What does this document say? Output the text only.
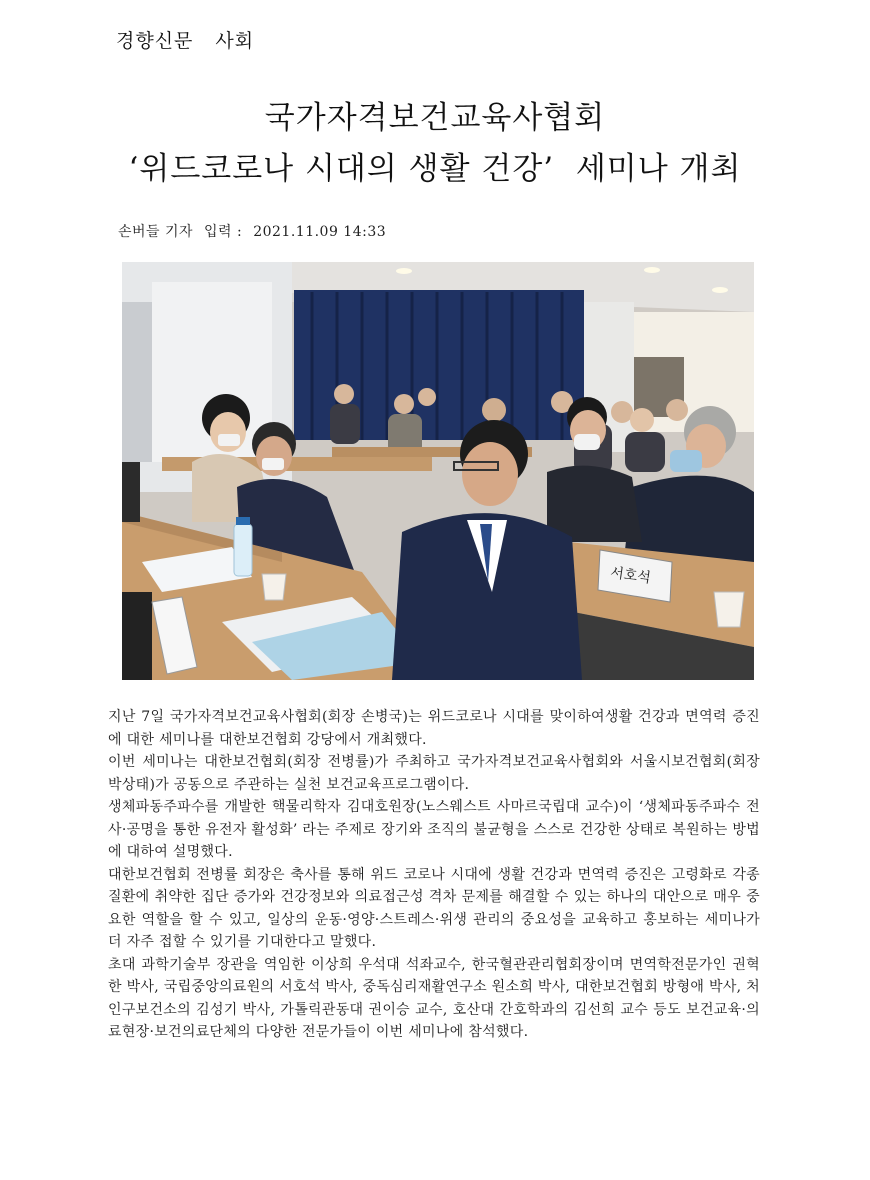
경향신문 사회
국가자격보건교육사협회
‘위드코로나 시대의 생활 건강’  세미나 개최
손버들 기자 입력 : 2021.11.09 14:33
서호석

지난 7일 국가자격보건교육사협회(회장 손병국)는 위드코로나 시대를 맞이하여생활 건강과 면역력 증진에 대한 세미나를 대한보건협회 강당에서 개최했다.

이번 세미나는 대한보건협회(회장 전병률)가 주최하고 국가자격보건교육사협회와 서울시보건협회(회장 박상태)가 공동으로 주관하는 실천 보건교육프로그램이다.

생체파동주파수를 개발한 핵물리학자 김대호원장(노스웨스트 사마르국립대 교수)이 ‘생체파동주파수 전사·공명을 통한 유전자 활성화’ 라는 주제로 장기와 조직의 불균형을 스스로 건강한 상태로 복원하는 방법에 대하여 설명했다.

대한보건협회 전병률 회장은 축사를 통해 위드 코로나 시대에 생활 건강과 면역력 증진은 고령화로 각종 질환에 취약한 집단 증가와 건강정보와 의료접근성 격차 문제를 해결할 수 있는 하나의 대안으로 매우 중요한 역할을 할 수 있고, 일상의 운동·영양·스트레스·위생 관리의 중요성을 교육하고 홍보하는 세미나가 더 자주 접할 수 있기를 기대한다고 말했다.

초대 과학기술부 장관을 역임한 이상희 우석대 석좌교수, 한국혈관관리협회장이며 면역학전문가인 권혁한 박사, 국립중앙의료원의 서호석 박사, 중독심리재활연구소 원소희 박사, 대한보건협회 방형애 박사, 처인구보건소의 김성기 박사, 가톨릭관동대 권이승 교수, 호산대 간호학과의 김선희 교수 등도 보건교육·의료현장·보건의료단체의 다양한 전문가들이 이번 세미나에 참석했다.
